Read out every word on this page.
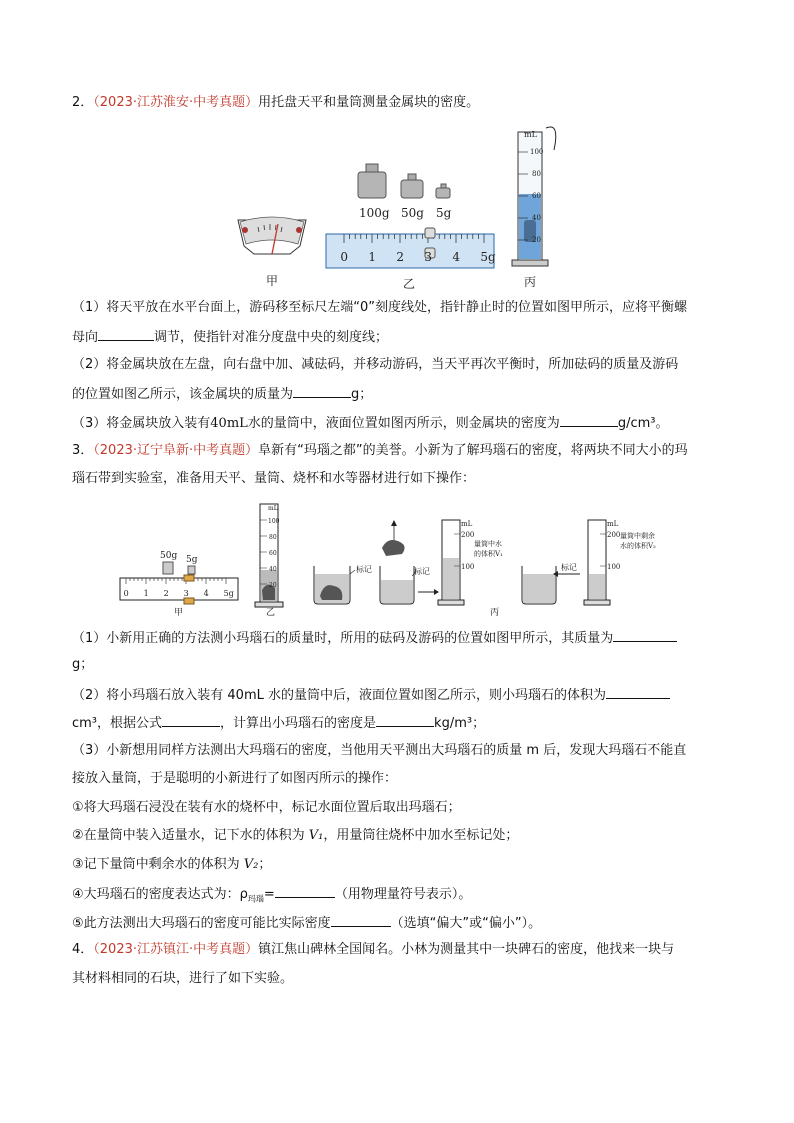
2．（2023·江苏淮安·中考真题）用托盘天平和量筒测量金属块的密度。
甲
100g 50g 5g
0 1 2 3 4 5g
乙
mL
100
80
60
40
20
丙
（1）将天平放在水平台面上，游码移至标尺左端“0”刻度线处，指针静止时的位置如图甲所示，应将平衡螺
母向	调节，使指针对准分度盘中央的刻度线；
（2）将金属块放在左盘，向右盘中加、减砝码，并移动游码，当天平再次平衡时，所加砝码的质量及游码
的位置如图乙所示，该金属块的质量为	g；
（3）将金属块放入装有40mL水的量筒中，液面位置如图丙所示，则金属块的密度为	g/cm³。
3．（2023·辽宁阜新·中考真题）阜新有“玛瑙之都”的美誉。小新为了解玛瑙石的密度，将两块不同大小的玛
瑙石带到实验室，准备用天平、量筒、烧杯和水等器材进行如下操作：
50g 5g
0 1 2 3 4 5g
甲
mL
100
80
60
40
20
乙
标记	标记
mL
200
100
量筒中水
的体积V₁
丙
标记
mL
200
100
量筒中剩余
水的体积V₂
（1）小新用正确的方法测小玛瑙石的质量时，所用的砝码及游码的位置如图甲所示，其质量为
g；
（2）将小玛瑙石放入装有 40mL 水的量筒中后，液面位置如图乙所示，则小玛瑙石的体积为
cm³，根据公式	，计算出小玛瑙石的密度是	kg/m³；
（3）小新想用同样方法测出大玛瑙石的密度，当他用天平测出大玛瑙石的质量 m 后，发现大玛瑙石不能直
接放入量筒，于是聪明的小新进行了如图丙所示的操作：
①将大玛瑙石浸没在装有水的烧杯中，标记水面位置后取出玛瑙石；
②在量筒中装入适量水，记下水的体积为 V₁，用量筒往烧杯中加水至标记处；
③记下量筒中剩余水的体积为 V₂；
④大玛瑙石的密度表达式为：$\rho_{玛瑙}=$	（用物理量符号表示）。
⑤此方法测出大玛瑙石的密度可能比实际密度	（选填“偏大”或“偏小”）。
4．（2023·江苏镇江·中考真题）镇江焦山碑林全国闻名。小林为测量其中一块碑石的密度，他找来一块与
其材料相同的石块，进行了如下实验。
